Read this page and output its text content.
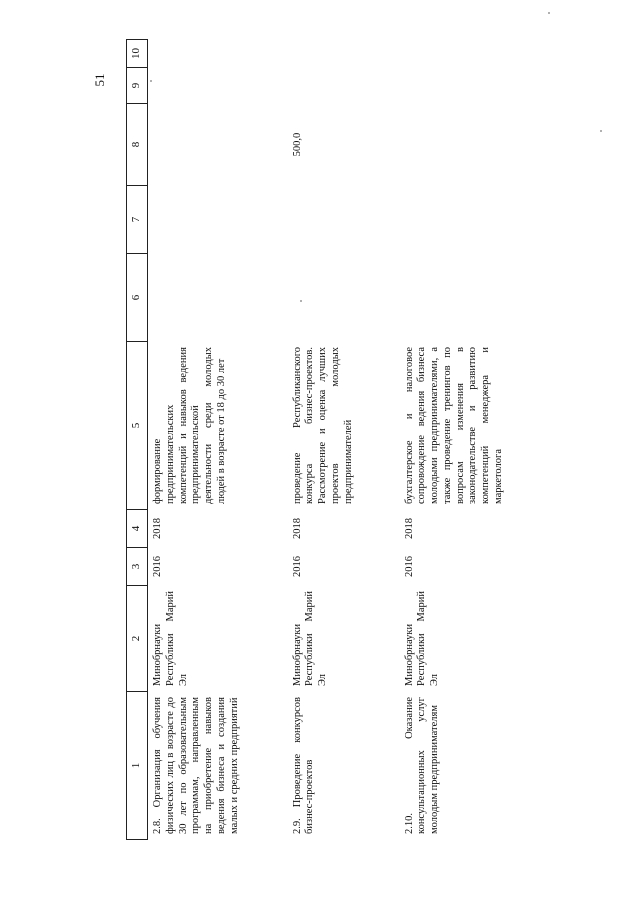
51
1	2	3	4	5	6	7	8	9	10
2.8. Организация обучения физических лиц в возрасте до 30 лет по образовательным программам, направленным на приобретение навыков ведения бизнеса и создания малых и средних предприятий	Минобрнауки Республики Марий Эл	2016	2018	формирование предпринимательских компетенций и навыков ведения предпринимательской деятельности среди молодых людей в возрасте от 18 до 30 лет					
2.9. Проведение конкурсов бизнес-проектов	Минобрнауки Республики Марий Эл	2016	2018	проведение Республиканского конкурса бизнес-проектов. Рассмотрение и оценка лучших проектов молодых предпринимателей			500,0		
2.10. Оказание консультационных услуг молодым предпринимателям	Минобрнауки Республики Марий Эл	2016	2018	бухгалтерское и налоговое сопровождение ведения бизнеса молодыми предпринимателями, а также проведение тренингов по вопросам изменения в законодательстве и развитию компетенций менеджера и маркетолога					
